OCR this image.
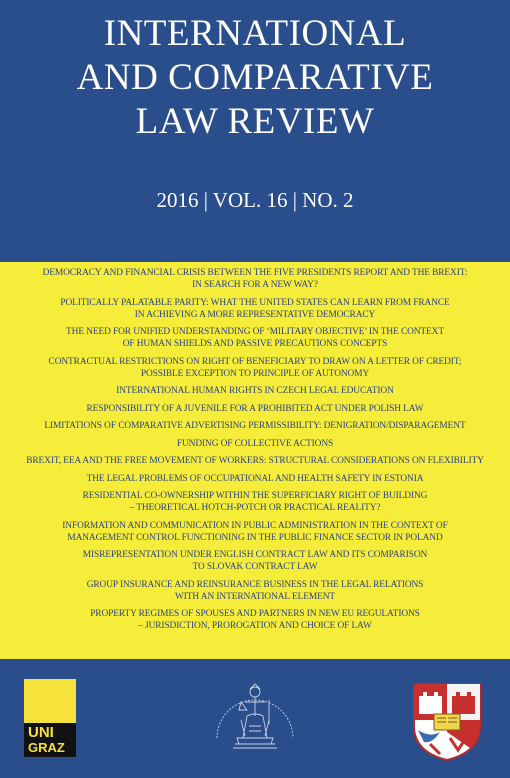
INTERNATIONAL
AND COMPARATIVE
LAW REVIEW
2016 | VOL. 16 | NO. 2
DEMOCRACY AND FINANCIAL CRISIS BETWEEN THE FIVE PRESIDENTS REPORT AND THE BREXIT:
IN SEARCH FOR A NEW WAY?
POLITICALLY PALATABLE PARITY: WHAT THE UNITED STATES CAN LEARN FROM FRANCE
IN ACHIEVING A MORE REPRESENTATIVE DEMOCRACY
THE NEED FOR UNIFIED UNDERSTANDING OF ‘MILITARY OBJECTIVE’ IN THE CONTEXT
OF HUMAN SHIELDS AND PASSIVE PRECAUTIONS CONCEPTS
CONTRACTUAL RESTRICTIONS ON RIGHT OF BENEFICIARY TO DRAW ON A LETTER OF CREDIT;
POSSIBLE EXCEPTION TO PRINCIPLE OF AUTONOMY
INTERNATIONAL HUMAN RIGHTS IN CZECH LEGAL EDUCATION
RESPONSIBILITY OF A JUVENILE FOR A PROHIBITED ACT UNDER POLISH LAW
LIMITATIONS OF COMPARATIVE ADVERTISING PERMISSIBILITY: DENIGRATION/DISPARAGEMENT
FUNDING OF COLLECTIVE ACTIONS
BREXIT, EEA AND THE FREE MOVEMENT OF WORKERS: STRUCTURAL CONSIDERATIONS ON FLEXIBILITY
THE LEGAL PROBLEMS OF OCCUPATIONAL AND HEALTH SAFETY IN ESTONIA
RESIDENTIAL CO-OWNERSHIP WITHIN THE SUPERFICIARY RIGHT OF BUILDING
– THEORETICAL HOTCH-POTCH OR PRACTICAL REALITY?
INFORMATION AND COMMUNICATION IN PUBLIC ADMINISTRATION IN THE CONTEXT OF
MANAGEMENT CONTROL FUNCTIONING IN THE PUBLIC FINANCE SECTOR IN POLAND
MISREPRESENTATION UNDER ENGLISH CONTRACT LAW AND ITS COMPARISON
TO SLOVAK CONTRACT LAW
GROUP INSURANCE AND REINSURANCE BUSINESS IN THE LEGAL RELATIONS
WITH AN INTERNATIONAL ELEMENT
PROPERTY REGIMES OF SPOUSES AND PARTNERS IN NEW EU REGULATIONS
– JURISDICTION, PROROGATION AND CHOICE OF LAW
UNI
GRAZ
